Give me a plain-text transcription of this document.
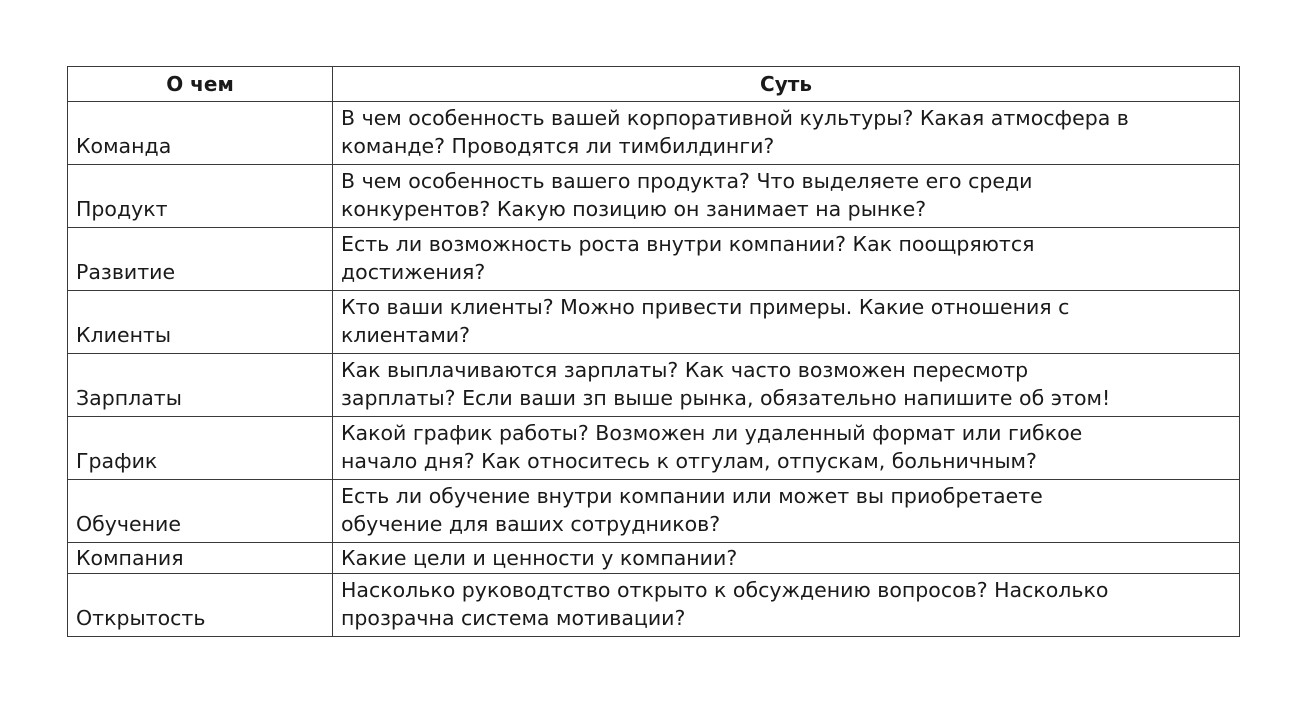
О чем	Суть
Команда	В чем особенность вашей корпоративной культуры? Какая атмосфера в
команде? Проводятся ли тимбилдинги?
Продукт	В чем особенность вашего продукта? Что выделяете его среди
конкурентов? Какую позицию он занимает на рынке?
Развитие	Есть ли возможность роста внутри компании? Как поощряются
достижения?
Клиенты	Кто ваши клиенты? Можно привести примеры. Какие отношения с
клиентами?
Зарплаты	Как выплачиваются зарплаты? Как часто возможен пересмотр
зарплаты? Если ваши зп выше рынка, обязательно напишите об этом!
График	Какой график работы? Возможен ли удаленный формат или гибкое
начало дня? Как относитесь к отгулам, отпускам, больничным?
Обучение	Есть ли обучение внутри компании или может вы приобретаете
обучение для ваших сотрудников?
Компания	Какие цели и ценности у компании?
Открытость	Насколько руководтство открыто к обсуждению вопросов? Насколько
прозрачна система мотивации?
